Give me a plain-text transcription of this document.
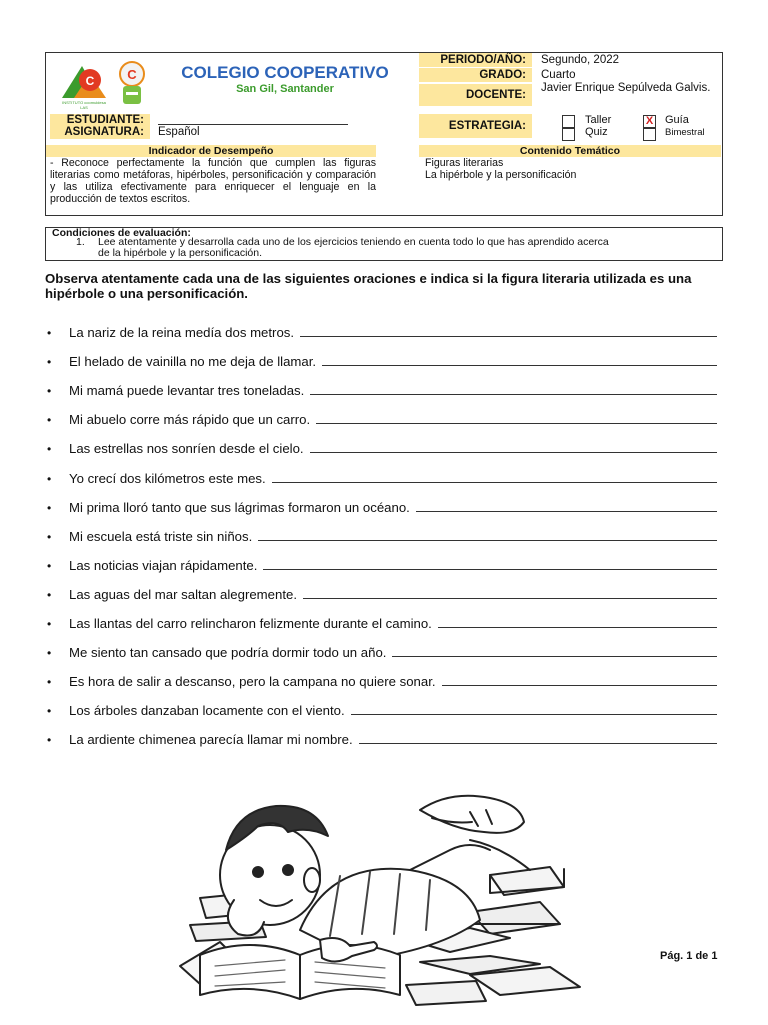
C	C
INSTITUTO coomuldesa LAS
COLEGIO COOPERATIVO
San Gil, Santander
PERIODO/AÑO:	Segundo, 2022
GRADO:	Cuarto
DOCENTE:
Javier Enrique Sepúlveda Galvis.
ESTUDIANTE:
ASIGNATURA:	Español	ESTRATEGIA:	Taller
Quiz
X Guía
Bimestral
Indicador de Desempeño
- Reconoce perfectamente la función que cumplen las figuras literarias como metáforas, hipérboles, personificación y comparación y las utiliza efectivamente para enriquecer el lenguaje en la producción de textos escritos.
Contenido Temático
Figuras literarias
La hipérbole y la personificación
Condiciones de evaluación:
1. Lee atentamente y desarrolla cada uno de los ejercicios teniendo en cuenta todo lo que has aprendido acerca
de la hipérbole y la personificación.
Observa atentamente cada una de las siguientes oraciones e indica si la figura literaria utilizada es una hipérbole o una personificación.
•	La nariz de la reina medía dos metros.
•	El helado de vainilla no me deja de llamar.
•	Mi mamá puede levantar tres toneladas.
•	Mi abuelo corre más rápido que un carro.
•	Las estrellas nos sonríen desde el cielo.
•	Yo crecí dos kilómetros este mes.
•	Mi prima lloró tanto que sus lágrimas formaron un océano.
•	Mi escuela está triste sin niños.
•	Las noticias viajan rápidamente.
•	Las aguas del mar saltan alegremente.
•	Las llantas del carro relincharon felizmente durante el camino.
•	Me siento tan cansado que podría dormir todo un año.
•	Es hora de salir a descanso, pero la campana no quiere sonar.
•	Los árboles danzaban locamente con el viento.
•	La ardiente chimenea parecía llamar mi nombre.
Pág. 1 de 1
